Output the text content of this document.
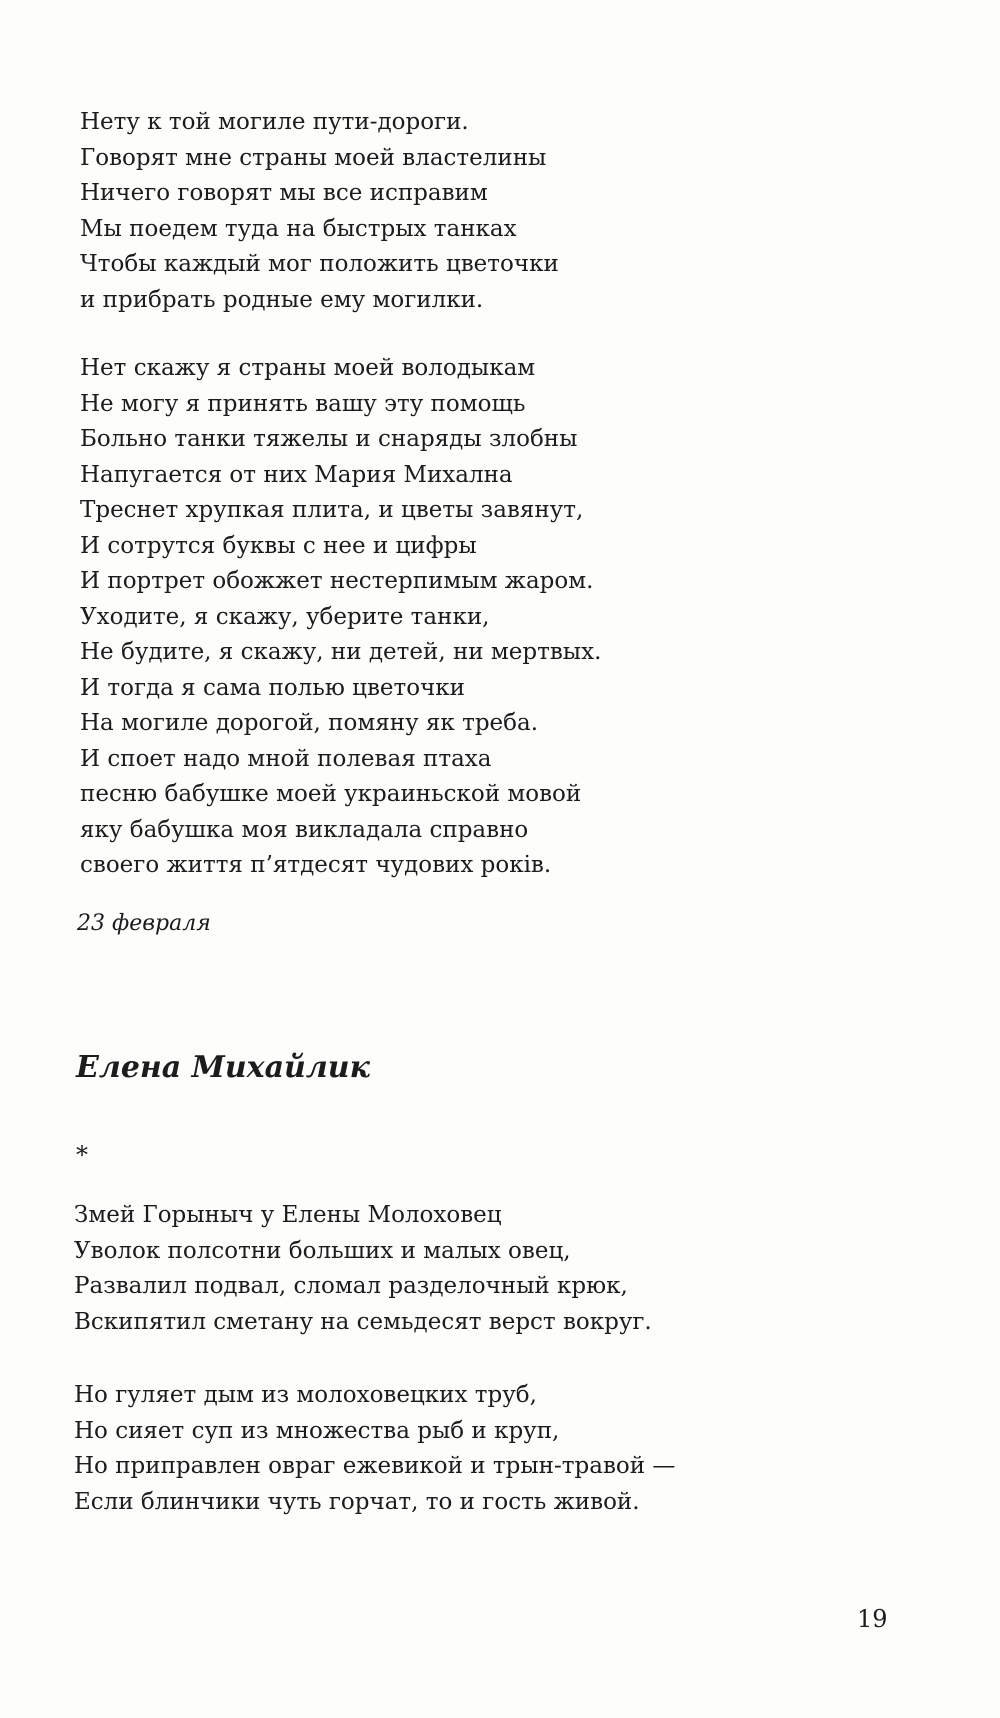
Нету к той могиле пути-дороги.
Говорят мне страны моей властелины
Ничего говорят мы все исправим
Мы поедем туда на быстрых танках
Чтобы каждый мог положить цветочки
и прибрать родные ему могилки.
Нет скажу я страны моей володыкам
Не могу я принять вашу эту помощь
Больно танки тяжелы и снаряды злобны
Напугается от них Мария Михална
Треснет хрупкая плита, и цветы завянут,
И сотрутся буквы с нее и цифры
И портрет обожжет нестерпимым жаром.
Уходите, я скажу, уберите танки,
Не будите, я скажу, ни детей, ни мертвых.
И тогда я сама полью цветочки
На могиле дорогой, помяну як треба.
И споет надо мной полевая птаха
песню бабушке моей украиньской мовой
яку бабушка моя викладала справно
своего життя п’ятдесят чудових років.
23 февраля
Елена Михайлик
*
Змей Горыныч у Елены Молоховец
Уволок полсотни больших и малых овец,
Развалил подвал, сломал разделочный крюк,
Вскипятил сметану на семьдесят верст вокруг.
Но гуляет дым из молоховецких труб,
Но сияет суп из множества рыб и круп,
Но приправлен овраг ежевикой и трын-травой —
Если блинчики чуть горчат, то и гость живой.
19
